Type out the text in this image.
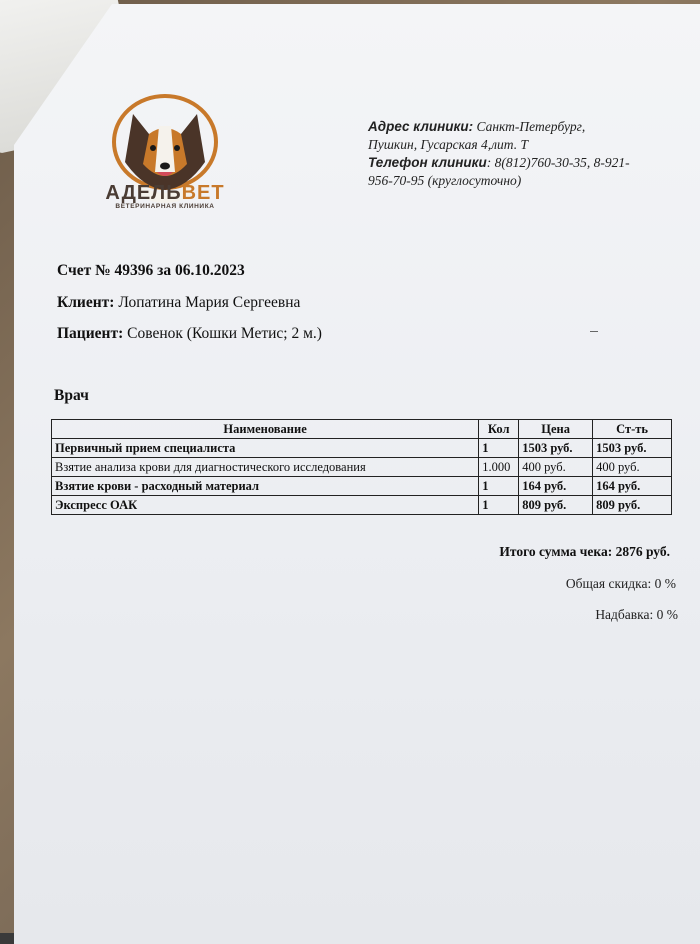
АДЕЛЬВЕТ
ВЕТЕРИНАРНАЯ КЛИНИКА
Адрес клиники: Санкт-Петербург,
Пушкин, Гусарская 4,лит. Т
Телефон клиники: 8(812)760-30-35, 8-921-
956-70-95 (круглосуточно)
Счет № 49396 за 06.10.2023
Клиент: Лопатина Мария Сергеевна
Пациент: Совенок (Кошки Метис; 2 м.)
Врач
Наименование	Кол	Цена	Ст-ть
Первичный прием специалиста	1	1503 руб.	1503 руб.
Взятие анализа крови для диагностического исследования	1.000	400 руб.	400 руб.
Взятие крови - расходный материал	1	164 руб.	164 руб.
Экспресс ОАК	1	809 руб.	809 руб.
Итого сумма чека: 2876 руб.
Общая скидка: 0 %
Надбавка: 0 %
